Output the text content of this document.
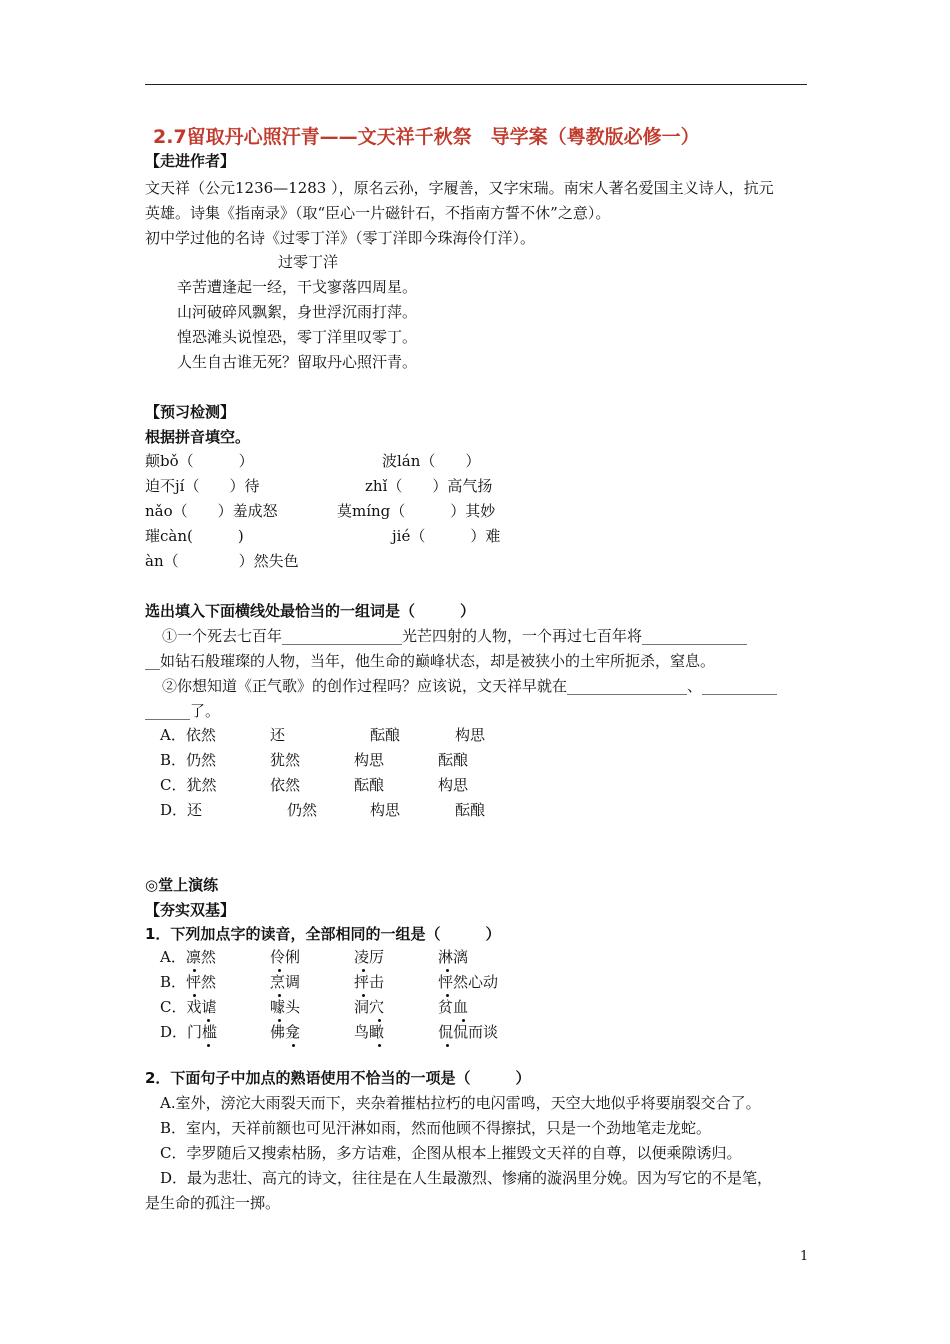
2.7留取丹心照汗青——文天祥千秋祭　导学案（粤教版必修一）
【走进作者】
文天祥（公元1236—1283 ），原名云孙，字履善，又字宋瑞。南宋人著名爱国主义诗人，抗元
英雄。诗集《指南录》（取“臣心一片磁针石，不指南方誓不休”之意）。
初中学过他的名诗《过零丁洋》（零丁洋即今珠海伶仃洋）。
过零丁洋
辛苦遭逢起一经，干戈寥落四周星。
山河破碎风飘絮，身世浮沉雨打萍。
惶恐滩头说惶恐，零丁洋里叹零丁。
人生自古谁无死？留取丹心照汗青。
【预习检测】
根据拼音填空。
颠bǒ（　　　）	波lán（　　）
迫不jí（　　）待	zhǐ（　　）高气扬
nǎo（　　）羞成怒	莫míng（　　　）其妙
璀càn(　　　)	jié（　　　）难
àn（　　　　）然失色
选出填入下面横线处最恰当的一组词是（　　　）
①一个死去七百年________________光芒四射的人物，一个再过七百年将______________
__如钻石般璀璨的人物，当年，他生命的巅峰状态，却是被狭小的土牢所扼杀，窒息。
②你想知道《正气歌》的创作过程吗？应该说，文天祥早就在________________、__________
______了。
A．依然	还	酝酿	构思
B．仍然	犹然	构思	酝酿
C．犹然	依然	酝酿	构思
D．还	仍然	构思	酝酿
◎堂上演练
【夯实双基】
1．下列加点字的读音，全部相同的一组是（　　　）
A．凛然	伶俐	凌厉	淋漓
B．怦然	烹调	抨击	怦然心动
C．戏谑	噱头	洞穴	贫血
D．门槛	佛龛	鸟瞰	侃侃而谈
2．下面句子中加点的熟语使用不恰当的一项是（　　　）
A.室外，滂沱大雨裂天而下，夹杂着摧枯拉朽的电闪雷鸣，天空大地似乎将要崩裂交合了。
B．室内，天祥前额也可见汗淋如雨，然而他顾不得擦拭，只是一个劲地笔走龙蛇。
C．孛罗随后又搜索枯肠，多方诘难，企图从根本上摧毁文天祥的自尊，以便乘隙诱归。
D．最为悲壮、高亢的诗文，往往是在人生最激烈、惨痛的漩涡里分娩。因为写它的不是笔，
是生命的孤注一掷。
1
